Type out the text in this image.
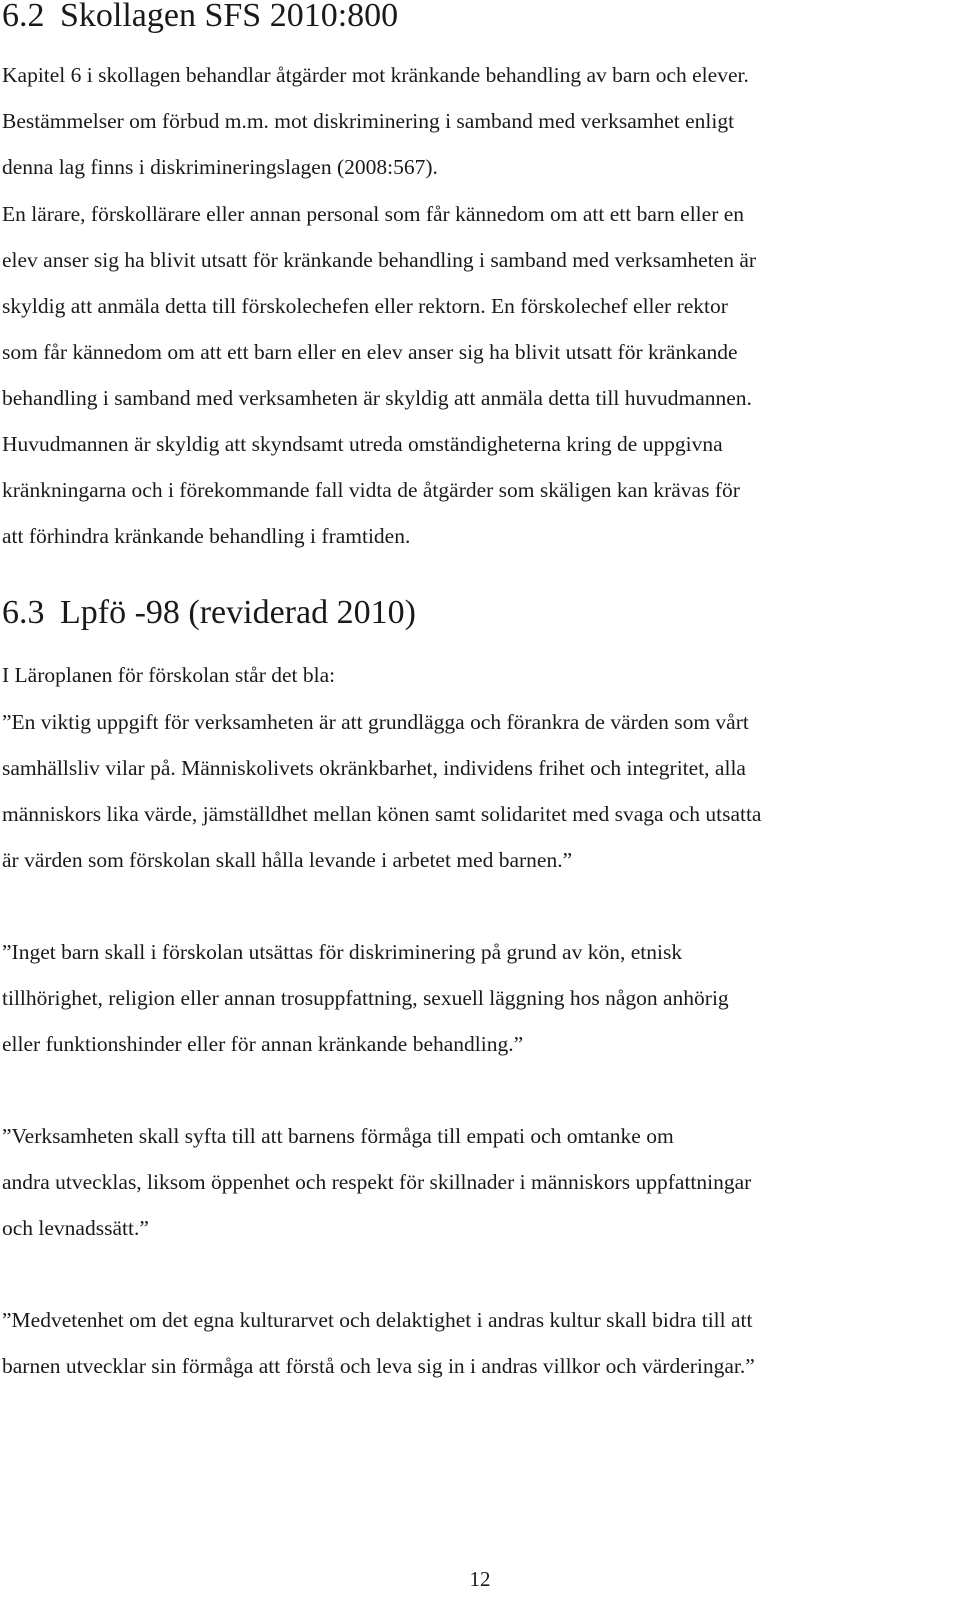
6.2 Skollagen SFS 2010:800

Kapitel 6 i skollagen behandlar åtgärder mot kränkande behandling av barn och elever.

Bestämmelser om förbud m.m. mot diskriminering i samband med verksamhet enligt

denna lag finns i diskrimineringslagen (2008:567).

En lärare, förskollärare eller annan personal som får kännedom om att ett barn eller en

elev anser sig ha blivit utsatt för kränkande behandling i samband med verksamheten är

skyldig att anmäla detta till förskolechefen eller rektorn. En förskolechef eller rektor

som får kännedom om att ett barn eller en elev anser sig ha blivit utsatt för kränkande

behandling i samband med verksamheten är skyldig att anmäla detta till huvudmannen.

Huvudmannen är skyldig att skyndsamt utreda omständigheterna kring de uppgivna

kränkningarna och i förekommande fall vidta de åtgärder som skäligen kan krävas för

att förhindra kränkande behandling i framtiden.

6.3 Lpfö -98 (reviderad 2010)

I Läroplanen för förskolan står det bla:

”En viktig uppgift för verksamheten är att grundlägga och förankra de värden som vårt

samhällsliv vilar på. Människolivets okränkbarhet, individens frihet och integritet, alla

människors lika värde, jämställdhet mellan könen samt solidaritet med svaga och utsatta

är värden som förskolan skall hålla levande i arbetet med barnen.”

”Inget barn skall i förskolan utsättas för diskriminering på grund av kön, etnisk

tillhörighet, religion eller annan trosuppfattning, sexuell läggning hos någon anhörig

eller funktionshinder eller för annan kränkande behandling.”

”Verksamheten skall syfta till att barnens förmåga till empati och omtanke om

andra utvecklas, liksom öppenhet och respekt för skillnader i människors uppfattningar

och levnadssätt.”

”Medvetenhet om det egna kulturarvet och delaktighet i andras kultur skall bidra till att

barnen utvecklar sin förmåga att förstå och leva sig in i andras villkor och värderingar.”

12
